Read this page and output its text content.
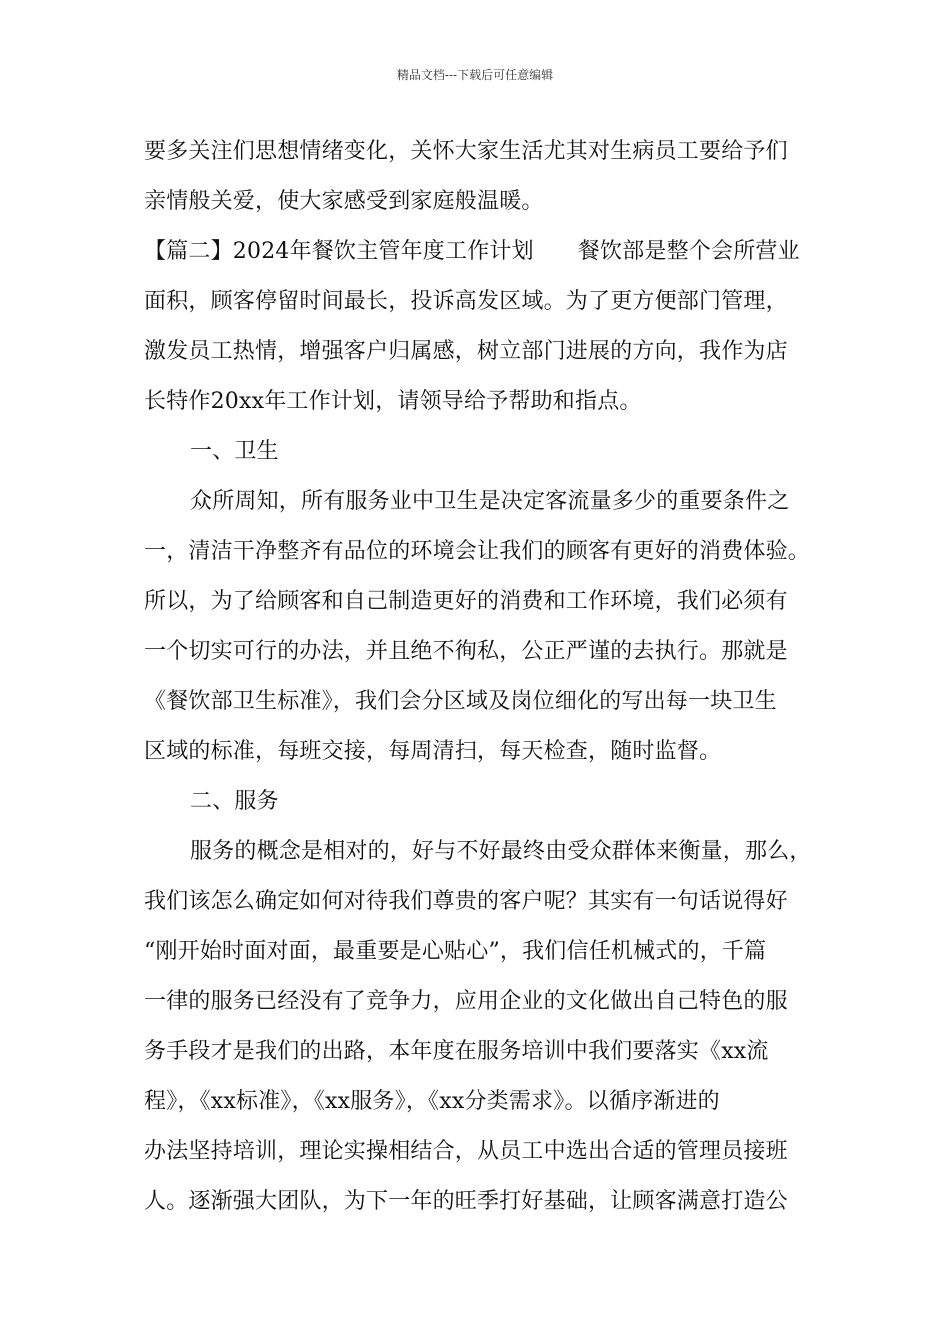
精品文档---下载后可任意编辑
要多关注们思想情绪变化，关怀大家生活尤其对生病员工要给予们
亲情般关爱，使大家感受到家庭般温暖。
【篇二】2024年餐饮主管年度工作计划 餐饮部是整个会所营业
面积，顾客停留时间最长，投诉高发区域。为了更方便部门管理，
激发员工热情，增强客户归属感，树立部门进展的方向，我作为店
长特作20xx年工作计划，请领导给予帮助和指点。
一、卫生
众所周知，所有服务业中卫生是决定客流量多少的重要条件之
一，清洁干净整齐有品位的环境会让我们的顾客有更好的消费体验。
所以，为了给顾客和自己制造更好的消费和工作环境，我们必须有
一个切实可行的办法，并且绝不徇私，公正严谨的去执行。那就是
《餐饮部卫生标准》，我们会分区域及岗位细化的写出每一块卫生
区域的标准，每班交接，每周清扫，每天检查，随时监督。
二、服务
服务的概念是相对的，好与不好最终由受众群体来衡量，那么，
我们该怎么确定如何对待我们尊贵的客户呢？其实有一句话说得好
“刚开始时面对面，最重要是心贴心”，我们信任机械式的，千篇
一律的服务已经没有了竞争力，应用企业的文化做出自己特色的服
务手段才是我们的出路，本年度在服务培训中我们要落实《xx流
程》，《xx标准》，《xx服务》，《xx分类需求》。以循序渐进的
办法坚持培训，理论实操相结合，从员工中选出合适的管理员接班
人。逐渐强大团队，为下一年的旺季打好基础，让顾客满意打造公
